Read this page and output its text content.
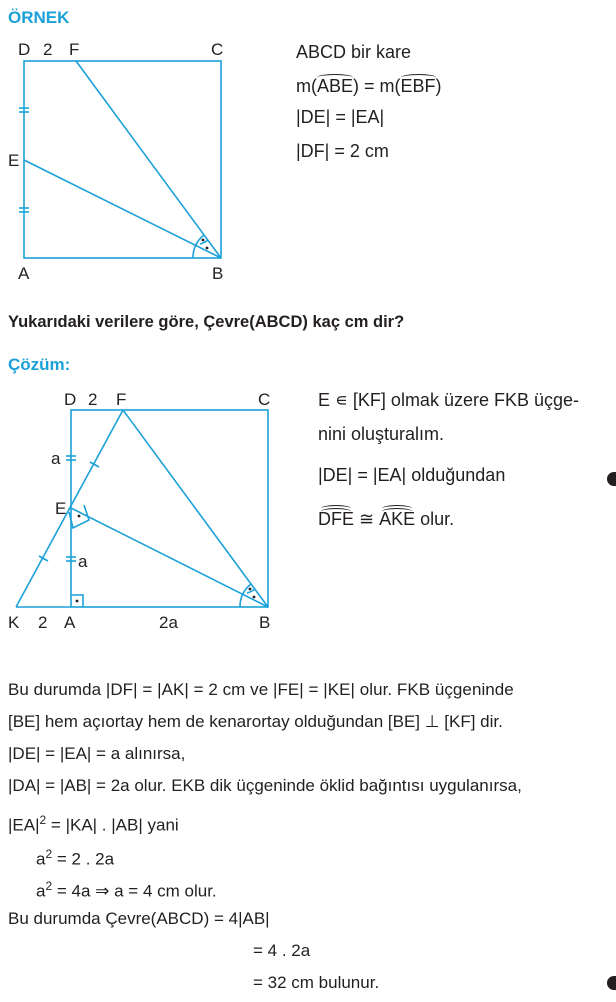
ÖRNEK
Çözüm:
D 2 F	C
E
A	B
D 2 F	C
a
E
a
K 2 A	2a	B
ABCD bir kare
m(ABE) = m(EBF)
|DE| = |EA|
|DF| = 2 cm
Yukarıdaki verilere göre, Çevre(ABCD) kaç cm dir?
E ∊ [KF] olmak üzere FKB üçge-
nini oluşturalım.
|DE| = |EA| olduğundan
DFE ≅ AKE olur.
Bu durumda |DF| = |AK| = 2 cm ve |FE| = |KE| olur. FKB üçgeninde
[BE] hem açıortay hem de kenarortay olduğundan [BE] ⊥ [KF] dir.
|DE| = |EA| = a alınırsa,
|DA| = |AB| = 2a olur. EKB dik üçgeninde öklid bağıntısı uygulanırsa,
$|EA|^2 = |KA|$ . |AB| yani
$a^2 = 2$ . 2a
$a^2 = 4a$ ⇒ a = 4 cm olur.
Bu durumda Çevre(ABCD) = 4|AB|
= 4 . 2a
= 32 cm bulunur.
